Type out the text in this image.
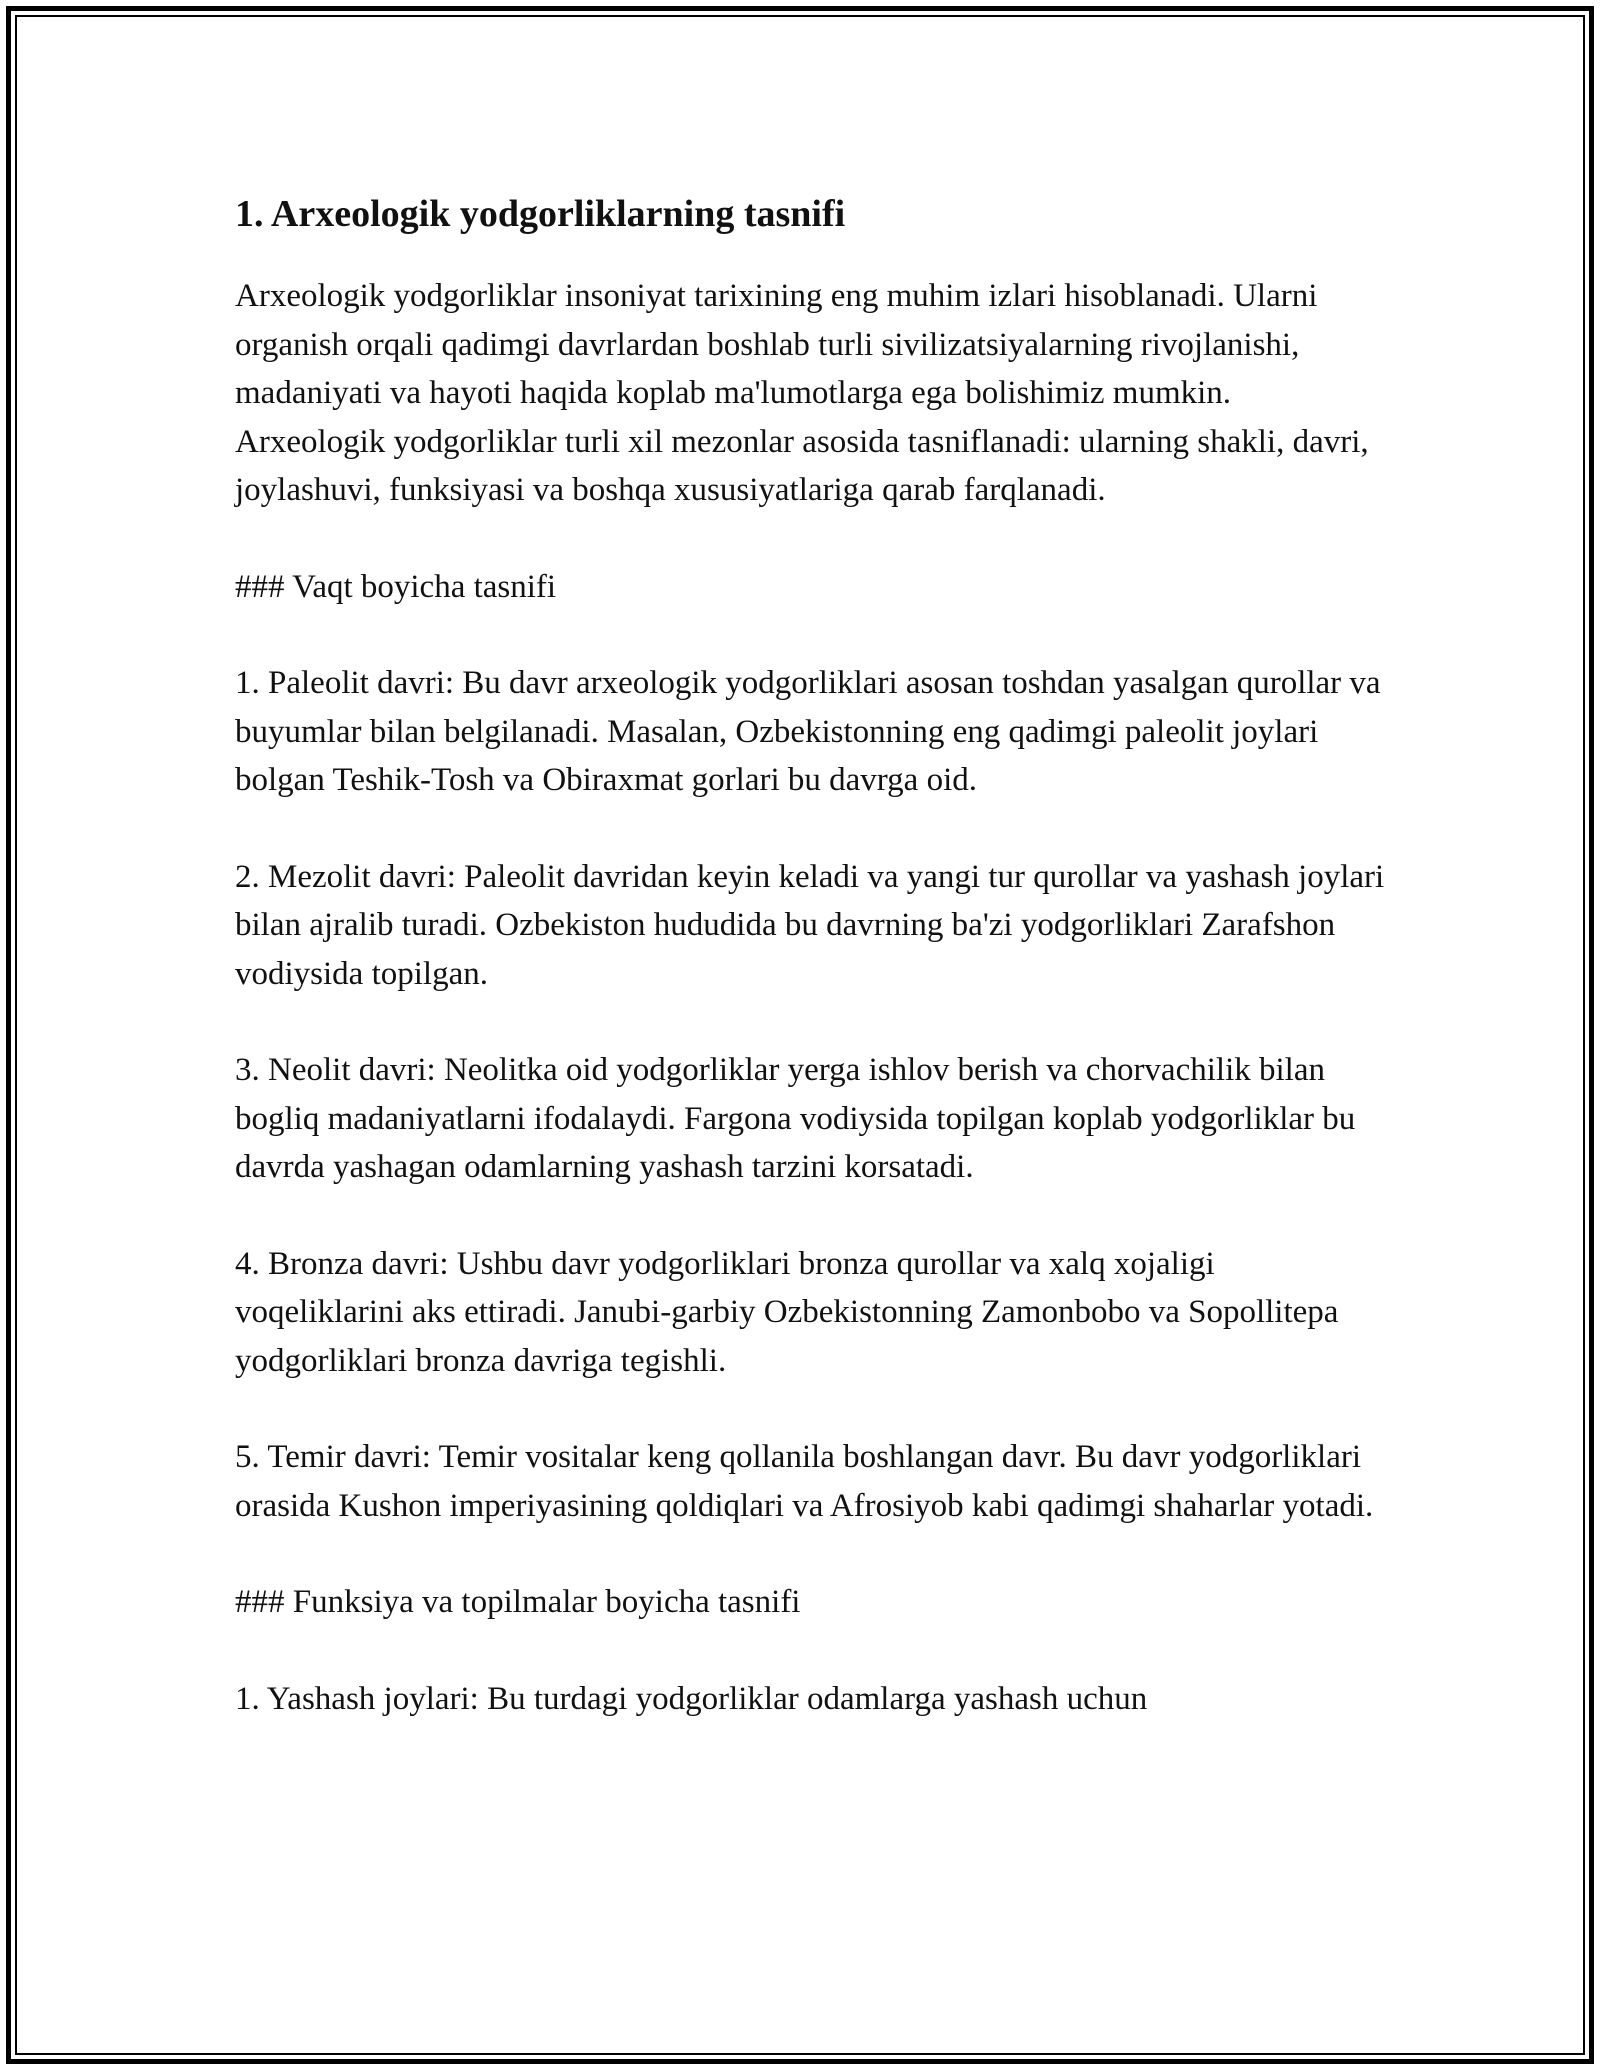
1. Arxeologik yodgorliklarning tasnifi

Arxeologik yodgorliklar insoniyat tarixining eng muhim izlari hisoblanadi. Ularni organish orqali qadimgi davrlardan boshlab turli sivilizatsiyalarning rivojlanishi, madaniyati va hayoti haqida koplab ma'lumotlarga ega bolishimiz mumkin. Arxeologik yodgorliklar turli xil mezonlar asosida tasniflanadi: ularning shakli, davri, joylashuvi, funksiyasi va boshqa xususiyatlariga qarab farqlanadi.

### Vaqt boyicha tasnifi

1. Paleolit davri: Bu davr arxeologik yodgorliklari asosan toshdan yasalgan qurollar va buyumlar bilan belgilanadi. Masalan, Ozbekistonning eng qadimgi paleolit joylari bolgan Teshik-Tosh va Obiraxmat gorlari bu davrga oid.

2. Mezolit davri: Paleolit davridan keyin keladi va yangi tur qurollar va yashash joylari bilan ajralib turadi. Ozbekiston hududida bu davrning ba'zi yodgorliklari Zarafshon vodiysida topilgan.

3. Neolit davri: Neolitka oid yodgorliklar yerga ishlov berish va chorvachilik bilan bogliq madaniyatlarni ifodalaydi. Fargona vodiysida topilgan koplab yodgorliklar bu davrda yashagan odamlarning yashash tarzini korsatadi.

4. Bronza davri: Ushbu davr yodgorliklari bronza qurollar va xalq xojaligi voqeliklarini aks ettiradi. Janubi-garbiy Ozbekistonning Zamonbobo va Sopollitepa yodgorliklari bronza davriga tegishli.

5. Temir davri: Temir vositalar keng qollanila boshlangan davr. Bu davr yodgorliklari orasida Kushon imperiyasining qoldiqlari va Afrosiyob kabi qadimgi shaharlar yotadi.

### Funksiya va topilmalar boyicha tasnifi

1. Yashash joylari: Bu turdagi yodgorliklar odamlarga yashash uchun
